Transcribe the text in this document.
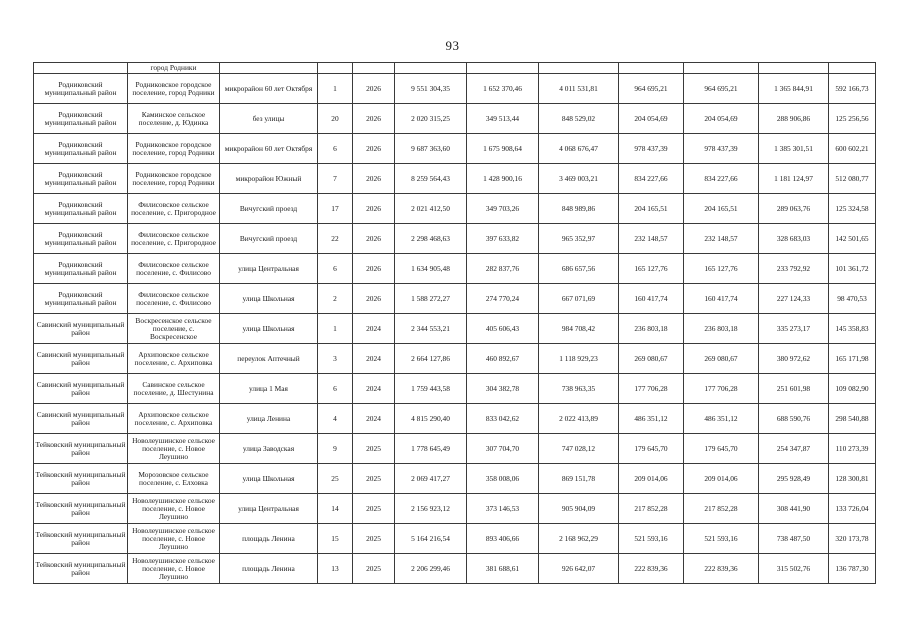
93
	город Родники										
Родниковский муниципальный район	Родниковское городское поселение, город Родники	микрорайон 60 лет Октября	1	2026	9 551 304,35	1 652 370,46	4 011 531,81	964 695,21	964 695,21	1 365 844,91	592 166,73
Родниковский муниципальный район	Каминское сельское поселение, д. Юдинка	без улицы	20	2026	2 020 315,25	349 513,44	848 529,02	204 054,69	204 054,69	288 906,86	125 256,56
Родниковский муниципальный район	Родниковское городское поселение, город Родники	микрорайон 60 лет Октября	6	2026	9 687 363,60	1 675 908,64	4 068 676,47	978 437,39	978 437,39	1 385 301,51	600 602,21
Родниковский муниципальный район	Родниковское городское поселение, город Родники	микрорайон Южный	7	2026	8 259 564,43	1 428 900,16	3 469 003,21	834 227,66	834 227,66	1 181 124,97	512 080,77
Родниковский муниципальный район	Филисовское сельское поселение, с. Пригородное	Вичугский проезд	17	2026	2 021 412,50	349 703,26	848 989,86	204 165,51	204 165,51	289 063,76	125 324,58
Родниковский муниципальный район	Филисовское сельское поселение, с. Пригородное	Вичугский проезд	22	2026	2 298 468,63	397 633,82	965 352,97	232 148,57	232 148,57	328 683,03	142 501,65
Родниковский муниципальный район	Филисовское сельское поселение, с. Филисово	улица Центральная	6	2026	1 634 905,48	282 837,76	686 657,56	165 127,76	165 127,76	233 792,92	101 361,72
Родниковский муниципальный район	Филисовское сельское поселение, с. Филисово	улица Школьная	2	2026	1 588 272,27	274 770,24	667 071,69	160 417,74	160 417,74	227 124,33	98 470,53
Савинский муниципальный район	Воскресенское сельское поселение, с. Воскресенское	улица Школьная	1	2024	2 344 553,21	405 606,43	984 708,42	236 803,18	236 803,18	335 273,17	145 358,83
Савинский муниципальный район	Архиповское сельское поселение, с. Архиповка	переулок Аптечный	3	2024	2 664 127,86	460 892,67	1 118 929,23	269 080,67	269 080,67	380 972,62	165 171,98
Савинский муниципальный район	Савинское сельское поселение, д. Шестунина	улица 1 Мая	6	2024	1 759 443,58	304 382,78	738 963,35	177 706,28	177 706,28	251 601,98	109 082,90
Савинский муниципальный район	Архиповское сельское поселение, с. Архиповка	улица Ленина	4	2024	4 815 290,40	833 042,62	2 022 413,89	486 351,12	486 351,12	688 590,76	298 540,88
Тейковский муниципальный район	Новолеушинское сельское поселение, с. Новое Леушино	улица Заводская	9	2025	1 778 645,49	307 704,70	747 028,12	179 645,70	179 645,70	254 347,87	110 273,39
Тейковский муниципальный район	Морозовское сельское поселение, с. Елховка	улица Школьная	25	2025	2 069 417,27	358 008,06	869 151,78	209 014,06	209 014,06	295 928,49	128 300,81
Тейковский муниципальный район	Новолеушинское сельское поселение, с. Новое Леушино	улица Центральная	14	2025	2 156 923,12	373 146,53	905 904,09	217 852,28	217 852,28	308 441,90	133 726,04
Тейковский муниципальный район	Новолеушинское сельское поселение, с. Новое Леушино	площадь Ленина	15	2025	5 164 216,54	893 406,66	2 168 962,29	521 593,16	521 593,16	738 487,50	320 173,78
Тейковский муниципальный район	Новолеушинское сельское поселение, с. Новое Леушино	площадь Ленина	13	2025	2 206 299,46	381 688,61	926 642,07	222 839,36	222 839,36	315 502,76	136 787,30
